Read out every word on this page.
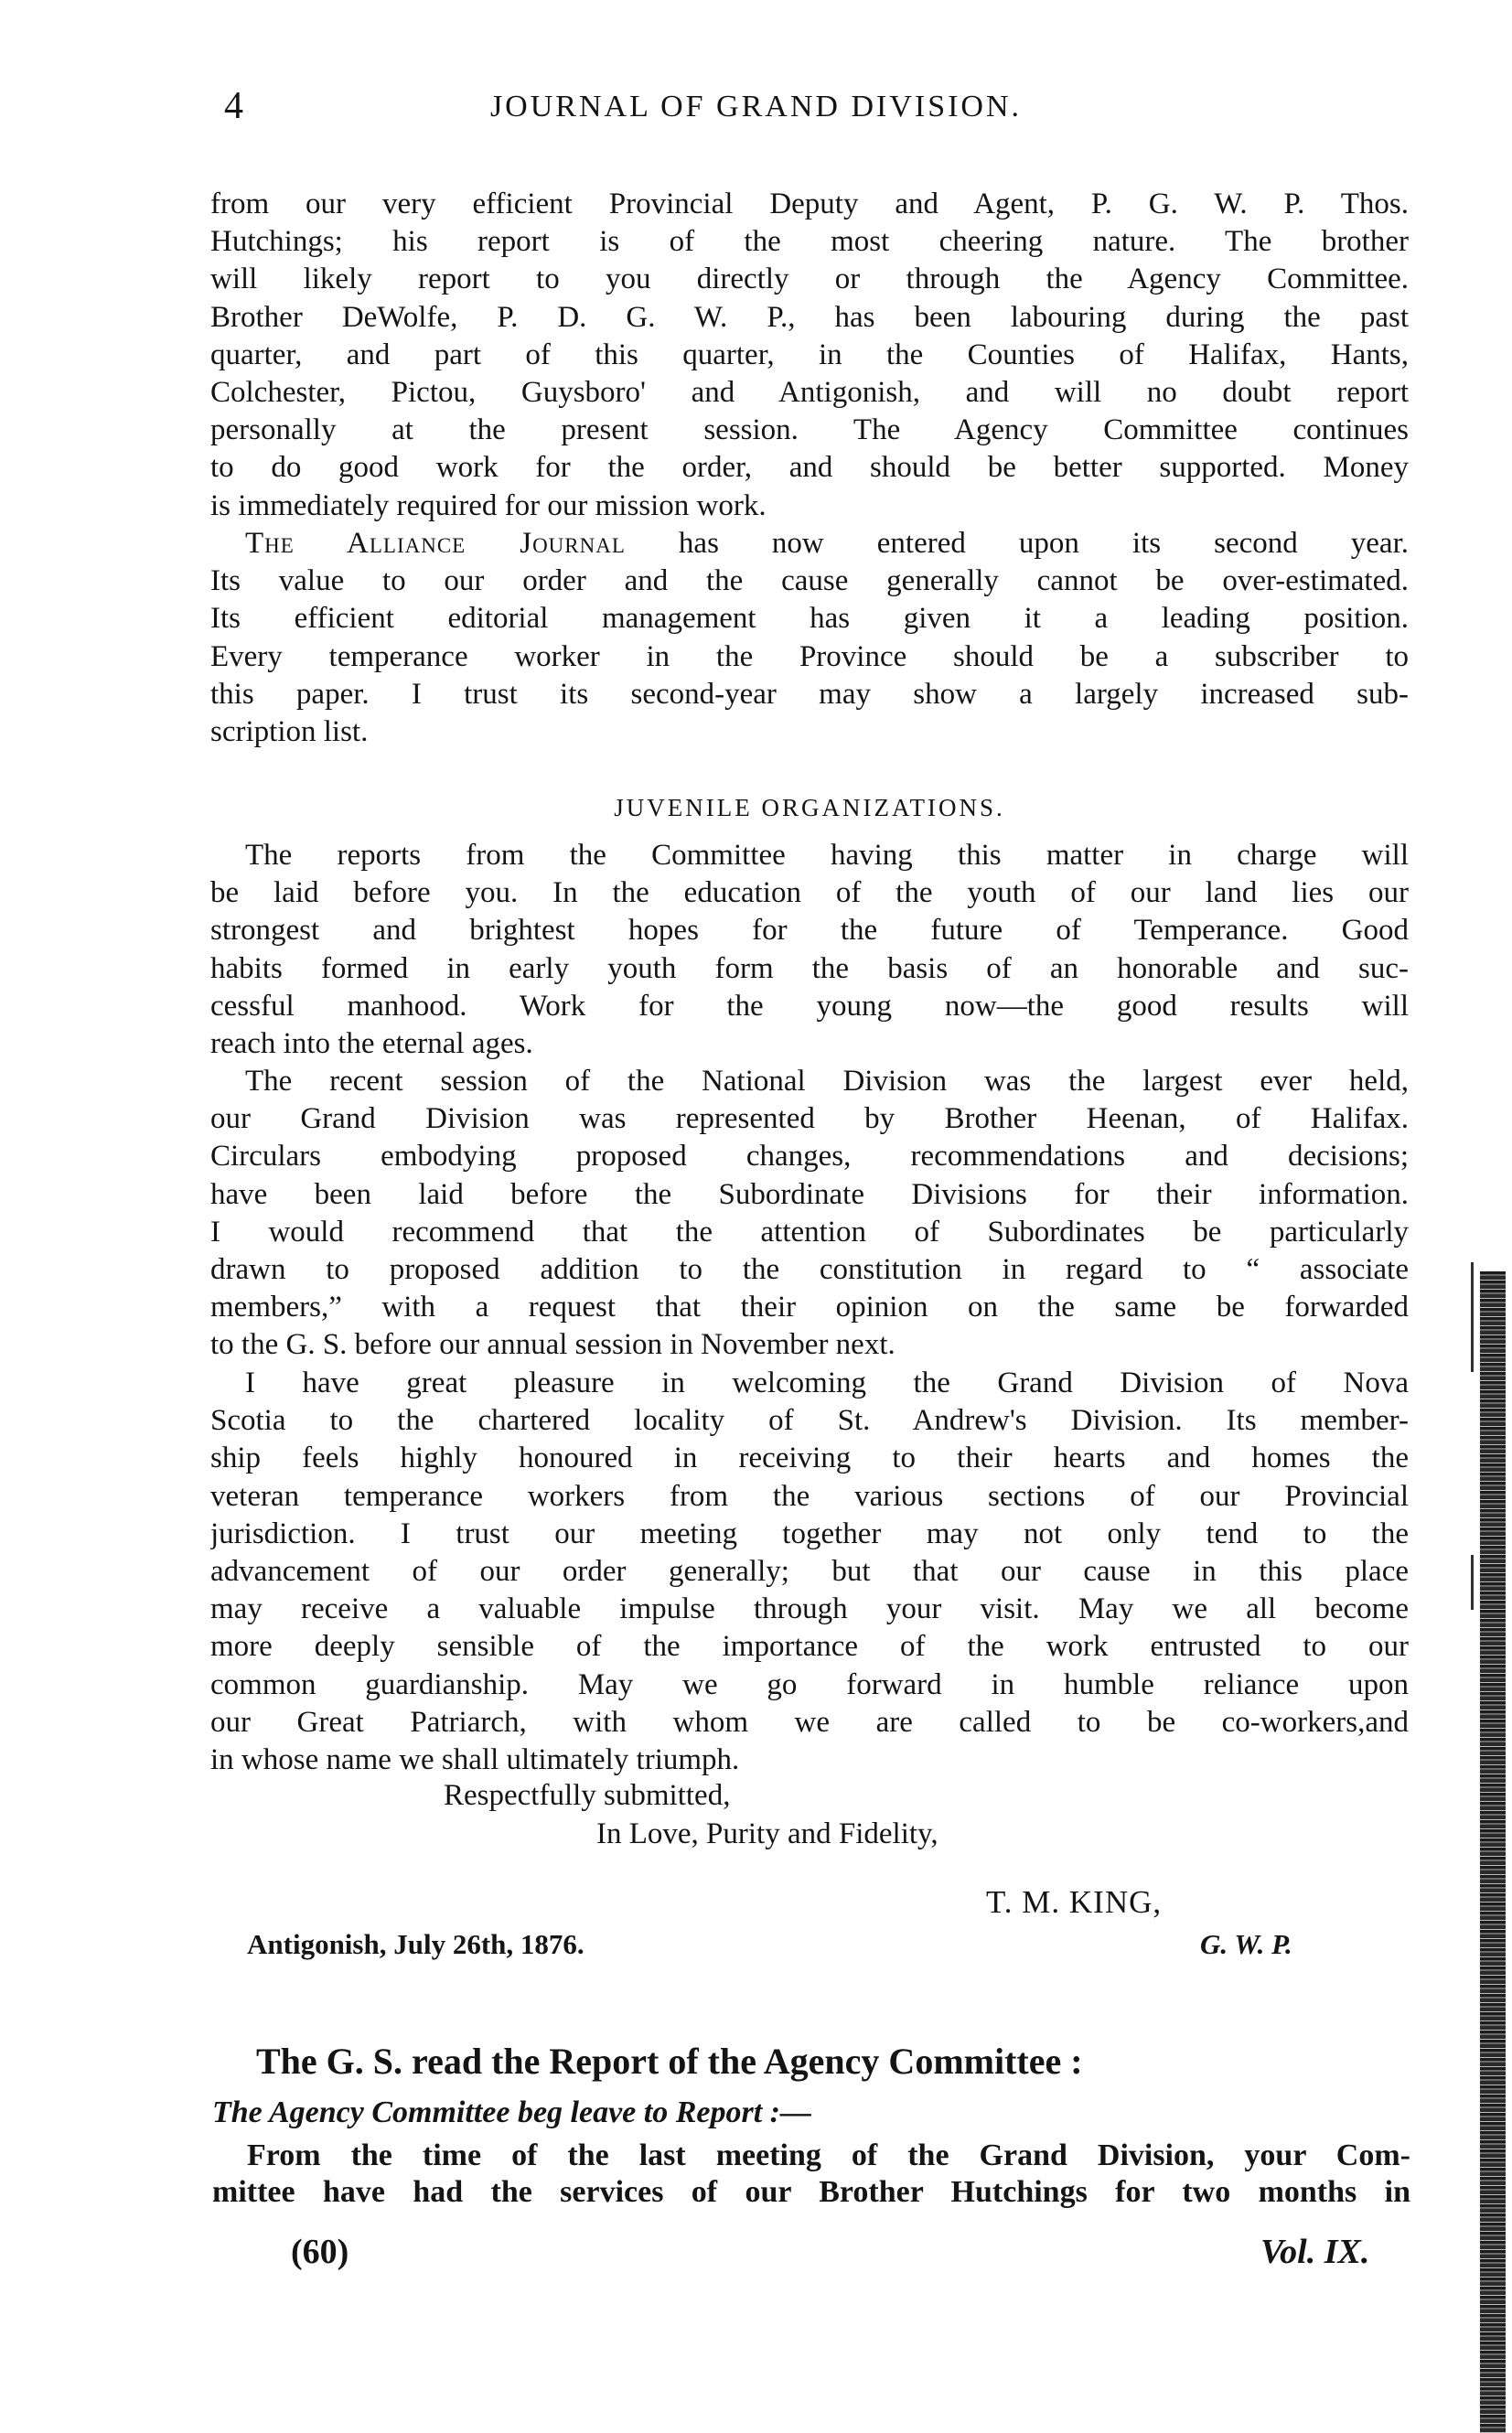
4	JOURNAL OF GRAND DIVISION.
from our very efficient Provincial Deputy and Agent, P. G. W. P. Thos.
Hutchings; his report is of the most cheering nature. The brother
will likely report to you directly or through the Agency Committee.
Brother DeWolfe, P. D. G. W. P., has been labouring during the past
quarter, and part of this quarter, in the Counties of Halifax, Hants,
Colchester, Pictou, Guysboro' and Antigonish, and will no doubt report
personally at the present session. The Agency Committee continues
to do good work for the order, and should be better supported. Money
is immediately required for our mission work.
The Alliance Journal has now entered upon its second year.
Its value to our order and the cause generally cannot be over-estimated.
Its efficient editorial management has given it a leading position.
Every temperance worker in the Province should be a subscriber to
this paper. I trust its second-year may show a largely increased sub-
scription list.
JUVENILE ORGANIZATIONS.
The reports from the Committee having this matter in charge will
be laid before you. In the education of the youth of our land lies our
strongest and brightest hopes for the future of Temperance. Good
habits formed in early youth form the basis of an honorable and suc-
cessful manhood. Work for the young now—the good results will
reach into the eternal ages.
The recent session of the National Division was the largest ever held,
our Grand Division was represented by Brother Heenan, of Halifax.
Circulars embodying proposed changes, recommendations and decisions;
have been laid before the Subordinate Divisions for their information.
I would recommend that the attention of Subordinates be particularly
drawn to proposed addition to the constitution in regard to “ associate
members,” with a request that their opinion on the same be forwarded
to the G. S. before our annual session in November next.
I have great pleasure in welcoming the Grand Division of Nova
Scotia to the chartered locality of St. Andrew's Division. Its member-
ship feels highly honoured in receiving to their hearts and homes the
veteran temperance workers from the various sections of our Provincial
jurisdiction. I trust our meeting together may not only tend to the
advancement of our order generally; but that our cause in this place
may receive a valuable impulse through your visit. May we all become
more deeply sensible of the importance of the work entrusted to our
common guardianship. May we go forward in humble reliance upon
our Great Patriarch, with whom we are called to be co-workers,and
in whose name we shall ultimately triumph.
Respectfully submitted,
In Love, Purity and Fidelity,
T. M. KING,
Antigonish, July 26th, 1876.	G. W. P.
The G. S. read the Report of the Agency Committee :
The Agency Committee beg leave to Report :—
From the time of the last meeting of the Grand Division, your Com-
mittee have had the services of our Brother Hutchings for two months in
(60)	Vol. IX.
